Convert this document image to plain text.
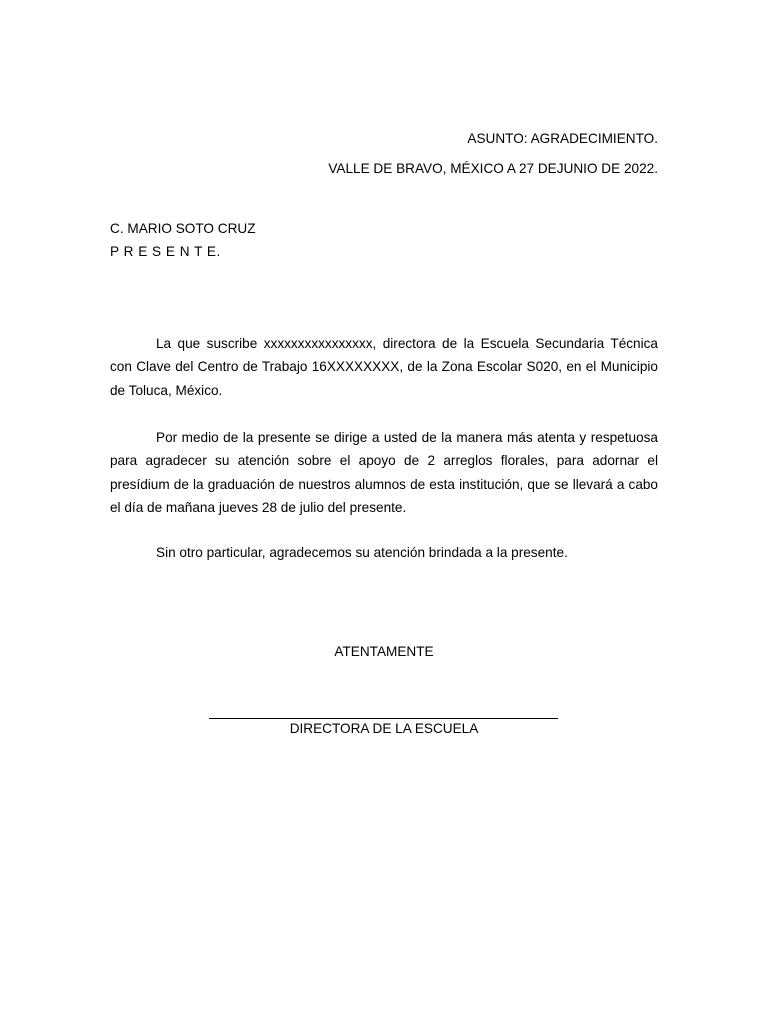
ASUNTO: AGRADECIMIENTO.
VALLE DE BRAVO, MÉXICO A 27 DEJUNIO DE 2022.
C. MARIO SOTO CRUZ
P R E S E N T E.

La que suscribe xxxxxxxxxxxxxxxx, directora de la Escuela Secundaria Técnica con Clave del Centro de Trabajo 16XXXXXXXX, de la Zona Escolar S020, en el Municipio de Toluca, México.

Por medio de la presente se dirige a usted de la manera más atenta y respetuosa para agradecer su atención sobre el apoyo de 2 arreglos florales, para adornar el presídium de la graduación de nuestros alumnos de esta institución, que se llevará a cabo el día de mañana jueves 28 de julio del presente.

Sin otro particular, agradecemos su atención brindada a la presente.

ATENTAMENTE
DIRECTORA DE LA ESCUELA
